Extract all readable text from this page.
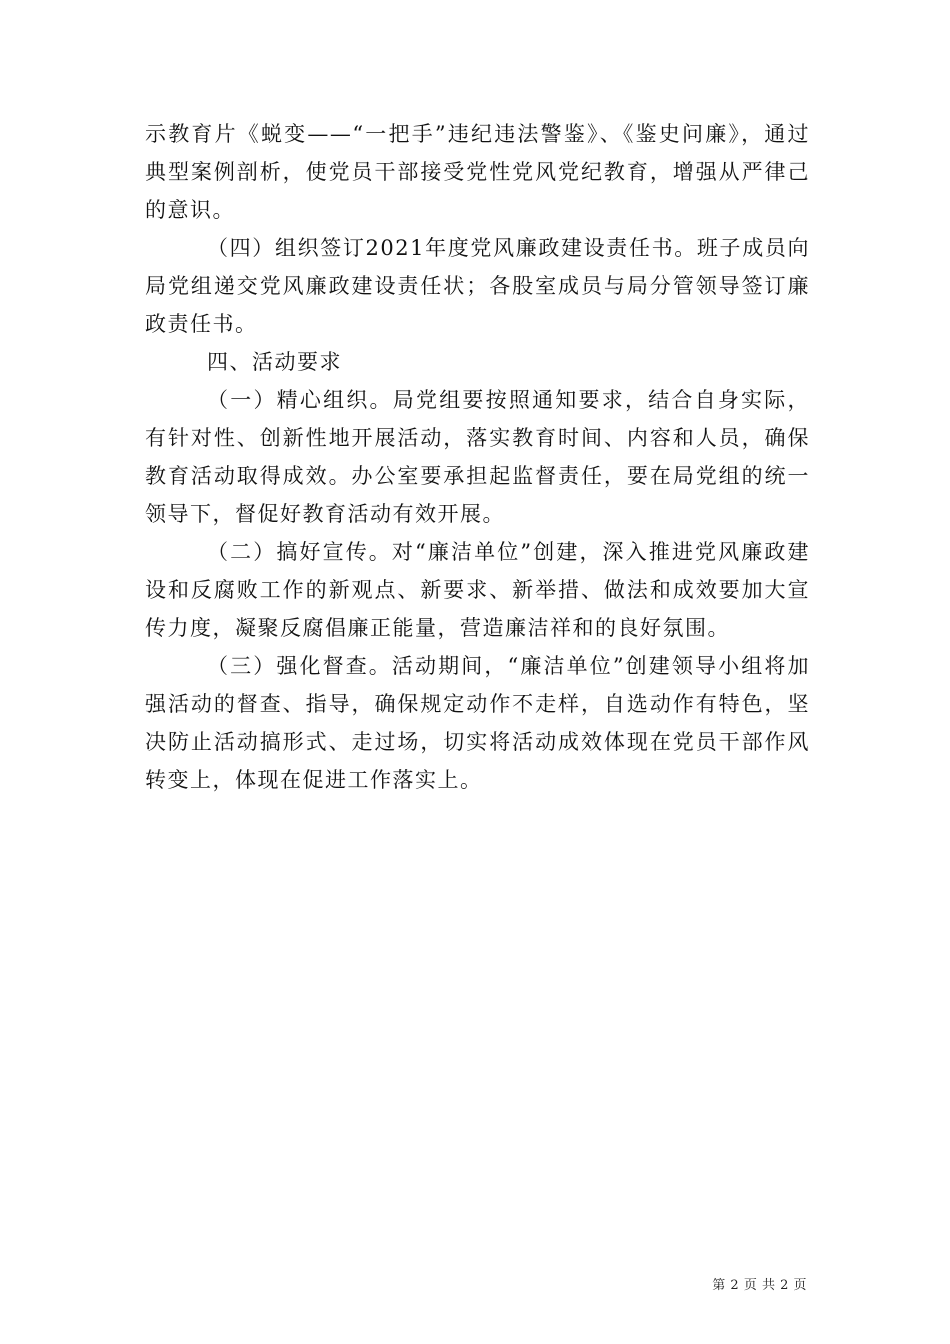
示教育片《蜕变——“一把手”违纪违法警鉴》、《鉴史问廉》，通过典型案例剖析，使党员干部接受党性党风党纪教育，增强从严律己的意识。

（四）组织签订2021年度党风廉政建设责任书。班子成员向局党组递交党风廉政建设责任状；各股室成员与局分管领导签订廉政责任书。

四、活动要求

（一）精心组织。局党组要按照通知要求，结合自身实际，有针对性、创新性地开展活动，落实教育时间、内容和人员，确保教育活动取得成效。办公室要承担起监督责任，要在局党组的统一领导下，督促好教育活动有效开展。

（二）搞好宣传。对“廉洁单位”创建，深入推进党风廉政建设和反腐败工作的新观点、新要求、新举措、做法和成效要加大宣传力度，凝聚反腐倡廉正能量，营造廉洁祥和的良好氛围。

（三）强化督查。活动期间，“廉洁单位”创建领导小组将加强活动的督查、指导，确保规定动作不走样，自选动作有特色，坚决防止活动搞形式、走过场，切实将活动成效体现在党员干部作风转变上，体现在促进工作落实上。

第 2 页 共 2 页
